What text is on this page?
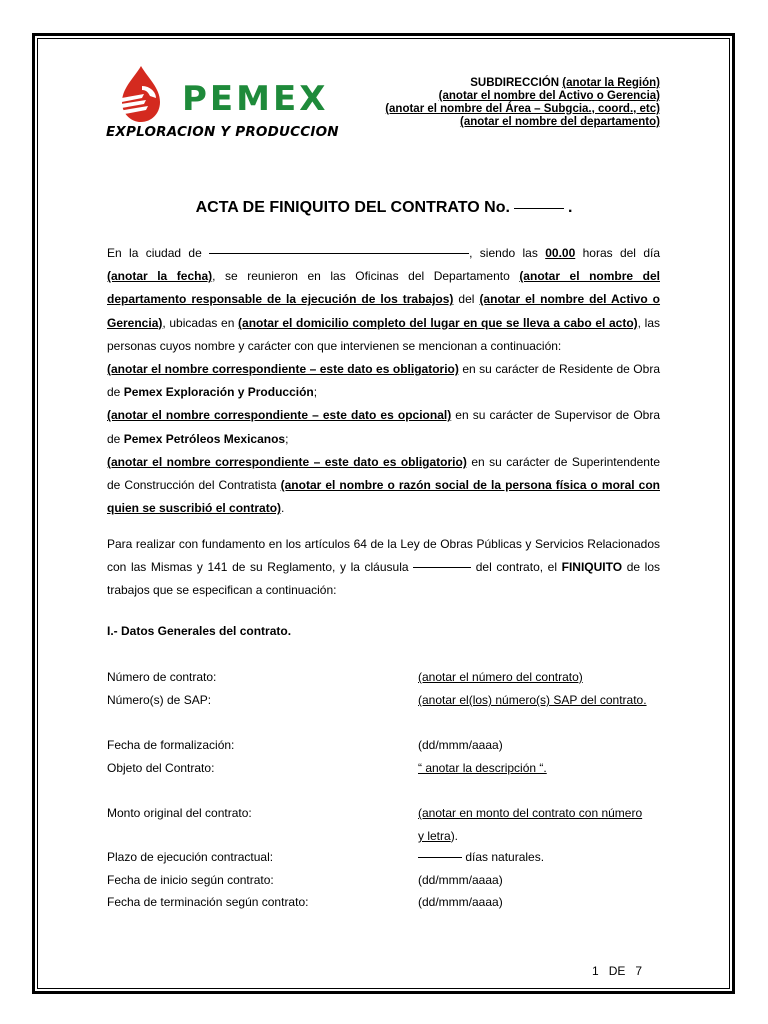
PEMEX
EXPLORACION Y PRODUCCION
SUBDIRECCIÓN (anotar la Región)
(anotar el nombre del Activo o Gerencia)
(anotar el nombre del Área – Subgcia., coord., etc)
(anotar el nombre del departamento)
ACTA DE FINIQUITO DEL CONTRATO No.	.
En la ciudad de	, siendo las 00.00 horas del día (anotar la fecha), se reunieron en las Oficinas del Departamento (anotar el nombre del departamento responsable de la ejecución de los trabajos) del (anotar el nombre del Activo o Gerencia), ubicadas en (anotar el domicilio completo del lugar en que se lleva a cabo el acto), las personas cuyos nombre y carácter con que intervienen se mencionan a continuación:
(anotar el nombre correspondiente – este dato es obligatorio) en su carácter de Residente de Obra de Pemex Exploración y Producción;
(anotar el nombre correspondiente – este dato es opcional) en su carácter de Supervisor de Obra de Pemex Petróleos Mexicanos;
(anotar el nombre correspondiente – este dato es obligatorio) en su carácter de Superintendente de Construcción del Contratista (anotar el nombre o razón social de la persona física o moral con quien se suscribió el contrato).
Para realizar con fundamento en los artículos 64 de la Ley de Obras Públicas y Servicios Relacionados con las Mismas y 141 de su Reglamento, y la cláusula	del contrato, el FINIQUITO de los trabajos que se especifican a continuación:
I.- Datos Generales del contrato.
Número de contrato:	(anotar el número del contrato)
Número(s) de SAP:	(anotar el(los) número(s) SAP del contrato.
Fecha de formalización:	(dd/mmm/aaaa)
Objeto del Contrato:	“ anotar la descripción “.
Monto original del contrato:	(anotar en monto del contrato con número
y letra).
Plazo de ejecución contractual:	días naturales.
Fecha de inicio según contrato:	(dd/mmm/aaaa)
Fecha de terminación según contrato:	(dd/mmm/aaaa)
1 DE 7
